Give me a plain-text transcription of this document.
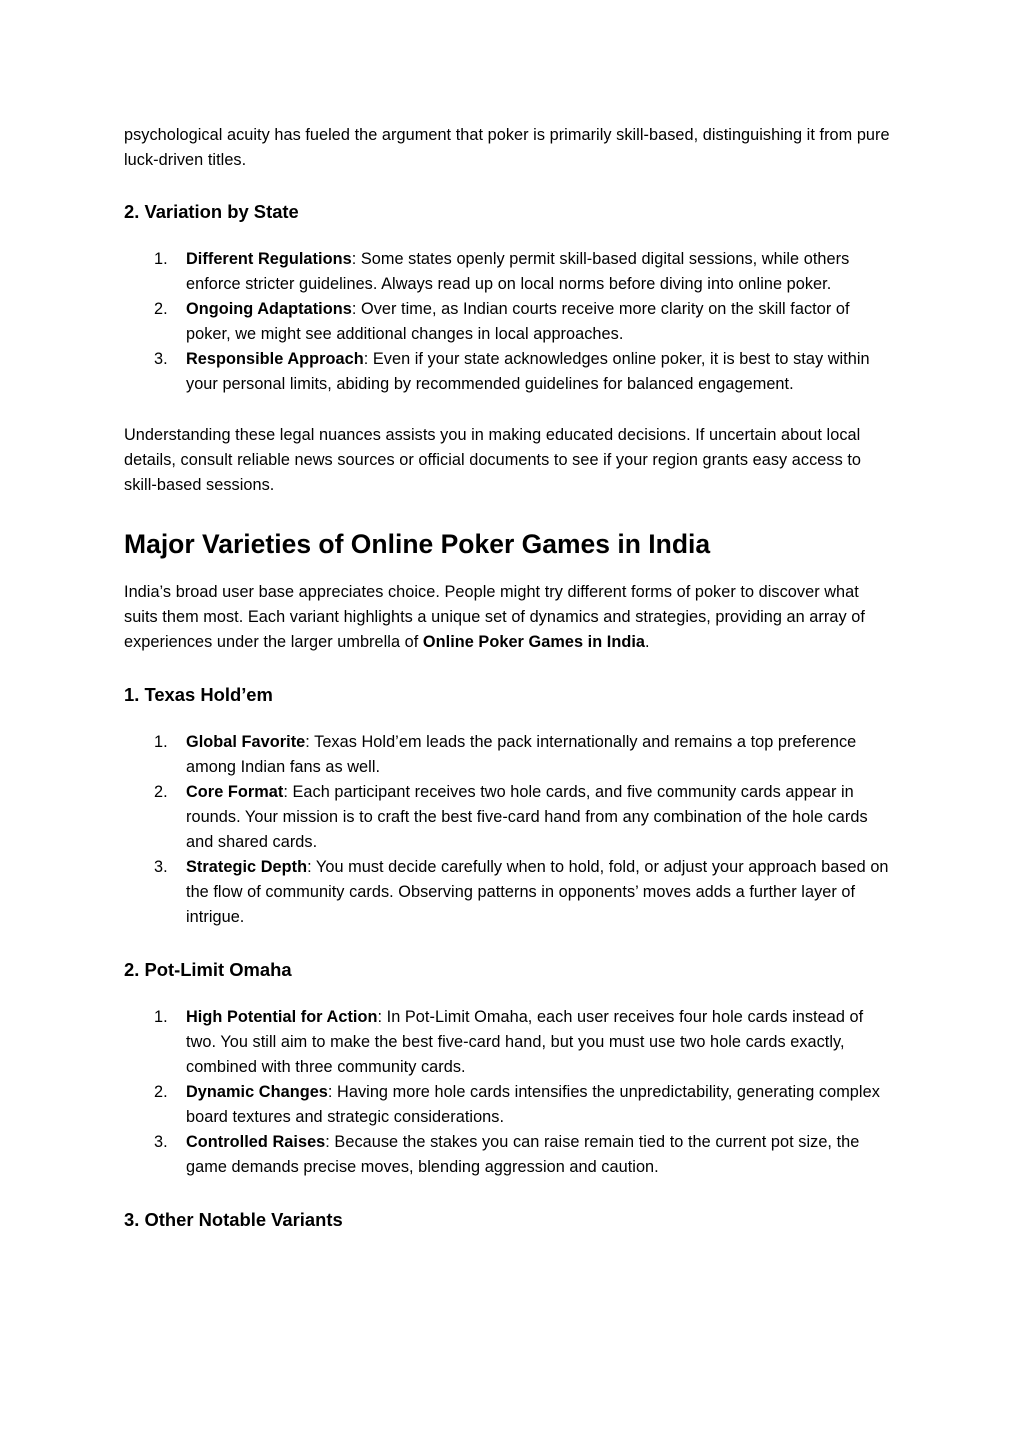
psychological acuity has fueled the argument that poker is primarily skill-based, distinguishing it from pure luck-driven titles.

2. Variation by State
1. Different Regulations: Some states openly permit skill-based digital sessions, while others enforce stricter guidelines. Always read up on local norms before diving into online poker.
2. Ongoing Adaptations: Over time, as Indian courts receive more clarity on the skill factor of poker, we might see additional changes in local approaches.
3. Responsible Approach: Even if your state acknowledges online poker, it is best to stay within your personal limits, abiding by recommended guidelines for balanced engagement.

Understanding these legal nuances assists you in making educated decisions. If uncertain about local details, consult reliable news sources or official documents to see if your region grants easy access to skill-based sessions.

Major Varieties of Online Poker Games in India

India’s broad user base appreciates choice. People might try different forms of poker to discover what suits them most. Each variant highlights a unique set of dynamics and strategies, providing an array of experiences under the larger umbrella of Online Poker Games in India.

1. Texas Hold’em
1. Global Favorite: Texas Hold’em leads the pack internationally and remains a top preference among Indian fans as well.
2. Core Format: Each participant receives two hole cards, and five community cards appear in rounds. Your mission is to craft the best five-card hand from any combination of the hole cards and shared cards.
3. Strategic Depth: You must decide carefully when to hold, fold, or adjust your approach based on the flow of community cards. Observing patterns in opponents’ moves adds a further layer of intrigue.
2. Pot-Limit Omaha
1. High Potential for Action: In Pot-Limit Omaha, each user receives four hole cards instead of two. You still aim to make the best five-card hand, but you must use two hole cards exactly, combined with three community cards.
2. Dynamic Changes: Having more hole cards intensifies the unpredictability, generating complex board textures and strategic considerations.
3. Controlled Raises: Because the stakes you can raise remain tied to the current pot size, the game demands precise moves, blending aggression and caution.
3. Other Notable Variants
